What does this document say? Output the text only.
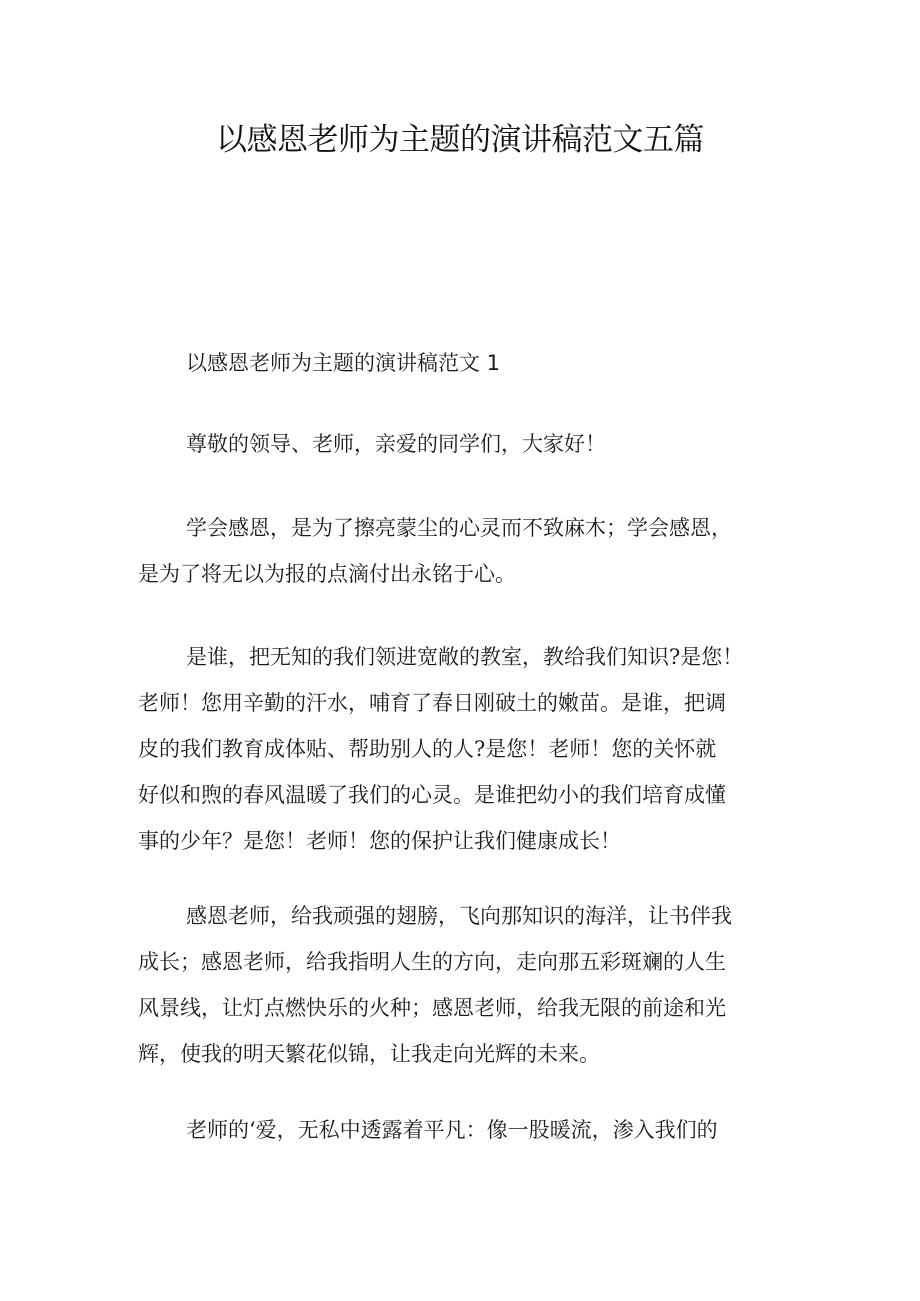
以感恩老师为主题的演讲稿范文五篇

以感恩老师为主题的演讲稿范文 1

尊敬的领导、老师，亲爱的同学们，大家好！

学会感恩，是为了擦亮蒙尘的心灵而不致麻木；学会感恩，

是为了将无以为报的点滴付出永铭于心。

是谁，把无知的我们领进宽敞的教室，教给我们知识?是您！

老师！您用辛勤的汗水，哺育了春日刚破土的嫩苗。是谁，把调

皮的我们教育成体贴、帮助别人的人?是您！老师！您的关怀就

好似和煦的春风温暖了我们的心灵。是谁把幼小的我们培育成懂

事的少年？是您！老师！您的保护让我们健康成长！

感恩老师，给我顽强的翅膀，飞向那知识的海洋，让书伴我

成长；感恩老师，给我指明人生的方向，走向那五彩斑斓的人生

风景线，让灯点燃快乐的火种；感恩老师，给我无限的前途和光

辉，使我的明天繁花似锦，让我走向光辉的未来。

老师的‘爱，无私中透露着平凡：像一股暖流，渗入我们的
